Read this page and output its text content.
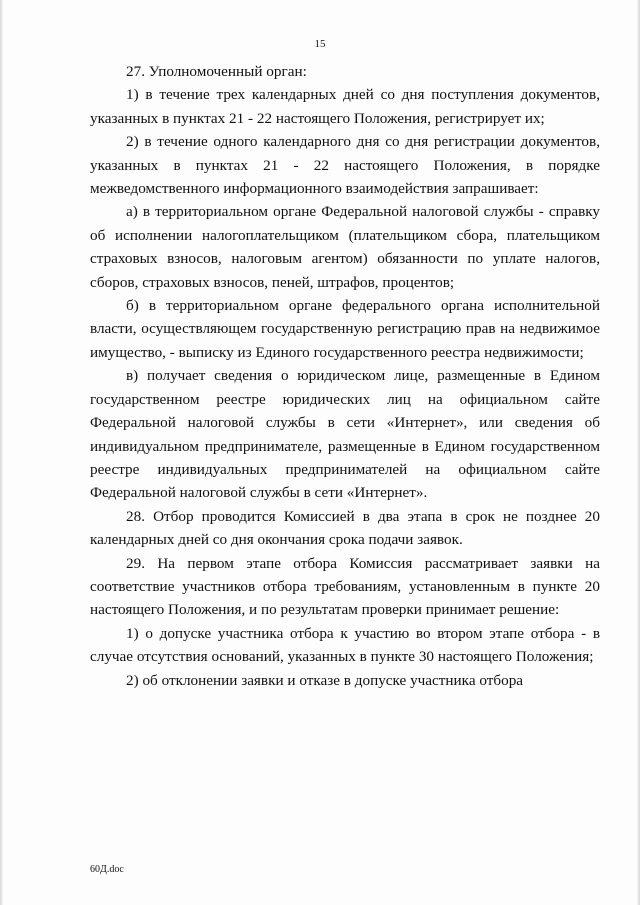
15

27. Уполномоченный орган:

1) в течение трех календарных дней со дня поступления документов, указанных в пунктах 21 - 22 настоящего Положения, регистрирует их;

2) в течение одного календарного дня со дня регистрации документов, указанных в пунктах 21 - 22 настоящего Положения, в порядке межведомственного информационного взаимодействия запрашивает:

а) в территориальном органе Федеральной налоговой службы - справку об исполнении налогоплательщиком (плательщиком сбора, плательщиком страховых взносов, налоговым агентом) обязанности по уплате налогов, сборов, страховых взносов, пеней, штрафов, процентов;

б) в территориальном органе федерального органа исполнительной власти, осуществляющем государственную регистрацию прав на недвижимое имущество, - выписку из Единого государственного реестра недвижимости;

в) получает сведения о юридическом лице, размещенные в Едином государственном реестре юридических лиц на официальном сайте Федеральной налоговой службы в сети «Интернет», или сведения об индивидуальном предпринимателе, размещенные в Едином государственном реестре индивидуальных предпринимателей на официальном сайте Федеральной налоговой службы в сети «Интернет».

28. Отбор проводится Комиссией в два этапа в срок не позднее 20 календарных дней со дня окончания срока подачи заявок.

29. На первом этапе отбора Комиссия рассматривает заявки на соответствие участников отбора требованиям, установленным в пункте 20 настоящего Положения, и по результатам проверки принимает решение:

1) о допуске участника отбора к участию во втором этапе отбора - в случае отсутствия оснований, указанных в пункте 30 настоящего Положения;

2) об отклонении заявки и отказе в допуске участника отбора

60Д.doc
